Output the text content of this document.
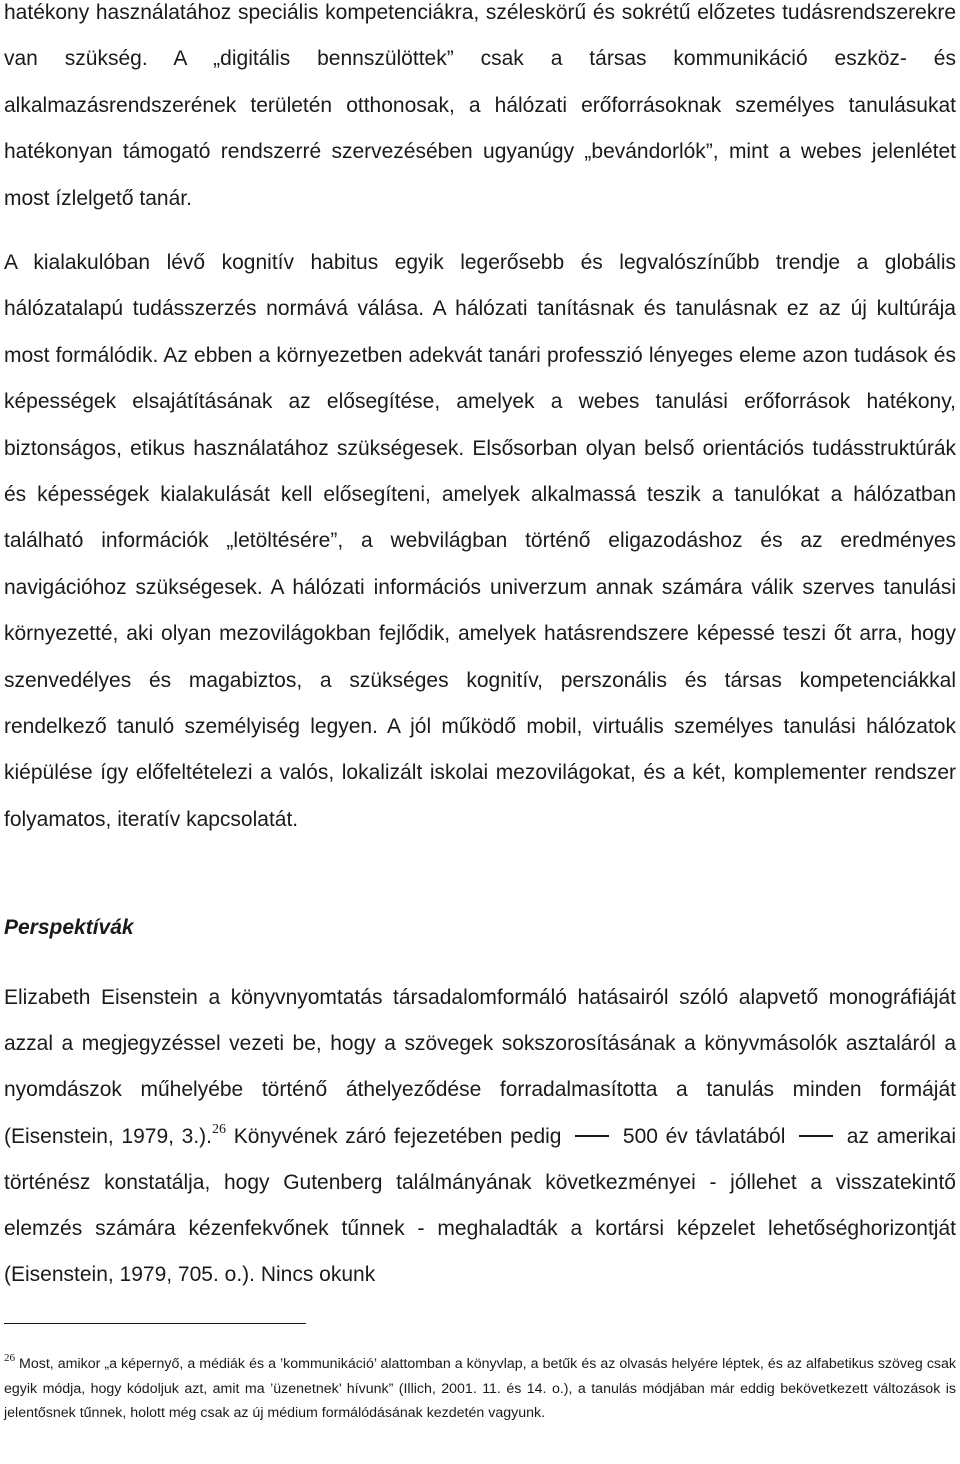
hatékony használatához speciális kompetenciákra, széleskörű és sokrétű előzetes tudásrendszerekre van szükség. A „digitális bennszülöttek” csak a társas kommunikáció eszköz- és alkalmazásrendszerének területén otthonosak, a hálózati erőforrásoknak személyes tanulásukat hatékonyan támogató rendszerré szervezésében ugyanúgy „bevándorlók”, mint a webes jelenlétet most ízlelgető tanár.

A kialakulóban lévő kognitív habitus egyik legerősebb és legvalószínűbb trendje a globális hálózatalapú tudásszerzés normává válása. A hálózati tanításnak és tanulásnak ez az új kultúrája most formálódik. Az ebben a környezetben adekvát tanári professzió lényeges eleme azon tudások és képességek elsajátításának az elősegítése, amelyek a webes tanulási erőforrások hatékony, biztonságos, etikus használatához szükségesek. Elsősorban olyan belső orientációs tudásstruktúrák és képességek kialakulását kell elősegíteni, amelyek alkalmassá teszik a tanulókat a hálózatban található információk „letöltésére”, a webvilágban történő eligazodáshoz és az eredményes navigációhoz szükségesek. A hálózati információs univerzum annak számára válik szerves tanulási környezetté, aki olyan mezovilágokban fejlődik, amelyek hatásrendszere képessé teszi őt arra, hogy szenvedélyes és magabiztos, a szükséges kognitív, perszonális és társas kompetenciákkal rendelkező tanuló személyiség legyen. A jól működő mobil, virtuális személyes tanulási hálózatok kiépülése így előfeltételezi a valós, lokalizált iskolai mezovilágokat, és a két, komplementer rendszer folyamatos, iteratív kapcsolatát.

Perspektívák

Elizabeth Eisenstein a könyvnyomtatás társadalomformáló hatásairól szóló alapvető monográfiáját azzal a megjegyzéssel vezeti be, hogy a szövegek sokszorosításának a könyvmásolók asztaláról a nyomdászok műhelyébe történő áthelyeződése forradalmasította a tanulás minden formáját (Eisenstein, 1979, 3.).$^{26}$ Könyvének záró fejezetében pedig	500 év távlatából	az amerikai történész konstatálja, hogy Gutenberg találmányának következményei - jóllehet a visszatekintő elemzés számára kézenfekvőnek tűnnek - meghaladták a kortársi képzelet lehetőséghorizontját (Eisenstein, 1979, 705. o.). Nincs okunk

$^{26}$ Most, amikor „a képernyő, a médiák és a ’kommunikáció’ alattomban a könyvlap, a betűk és az olvasás helyére léptek, és az alfabetikus szöveg csak egyik módja, hogy kódoljuk azt, amit ma ’üzenetnek’ hívunk” (Illich, 2001. 11. és 14. o.), a tanulás módjában már eddig bekövetkezett változások is jelentősnek tűnnek, holott még csak az új médium formálódásának kezdetén vagyunk.
